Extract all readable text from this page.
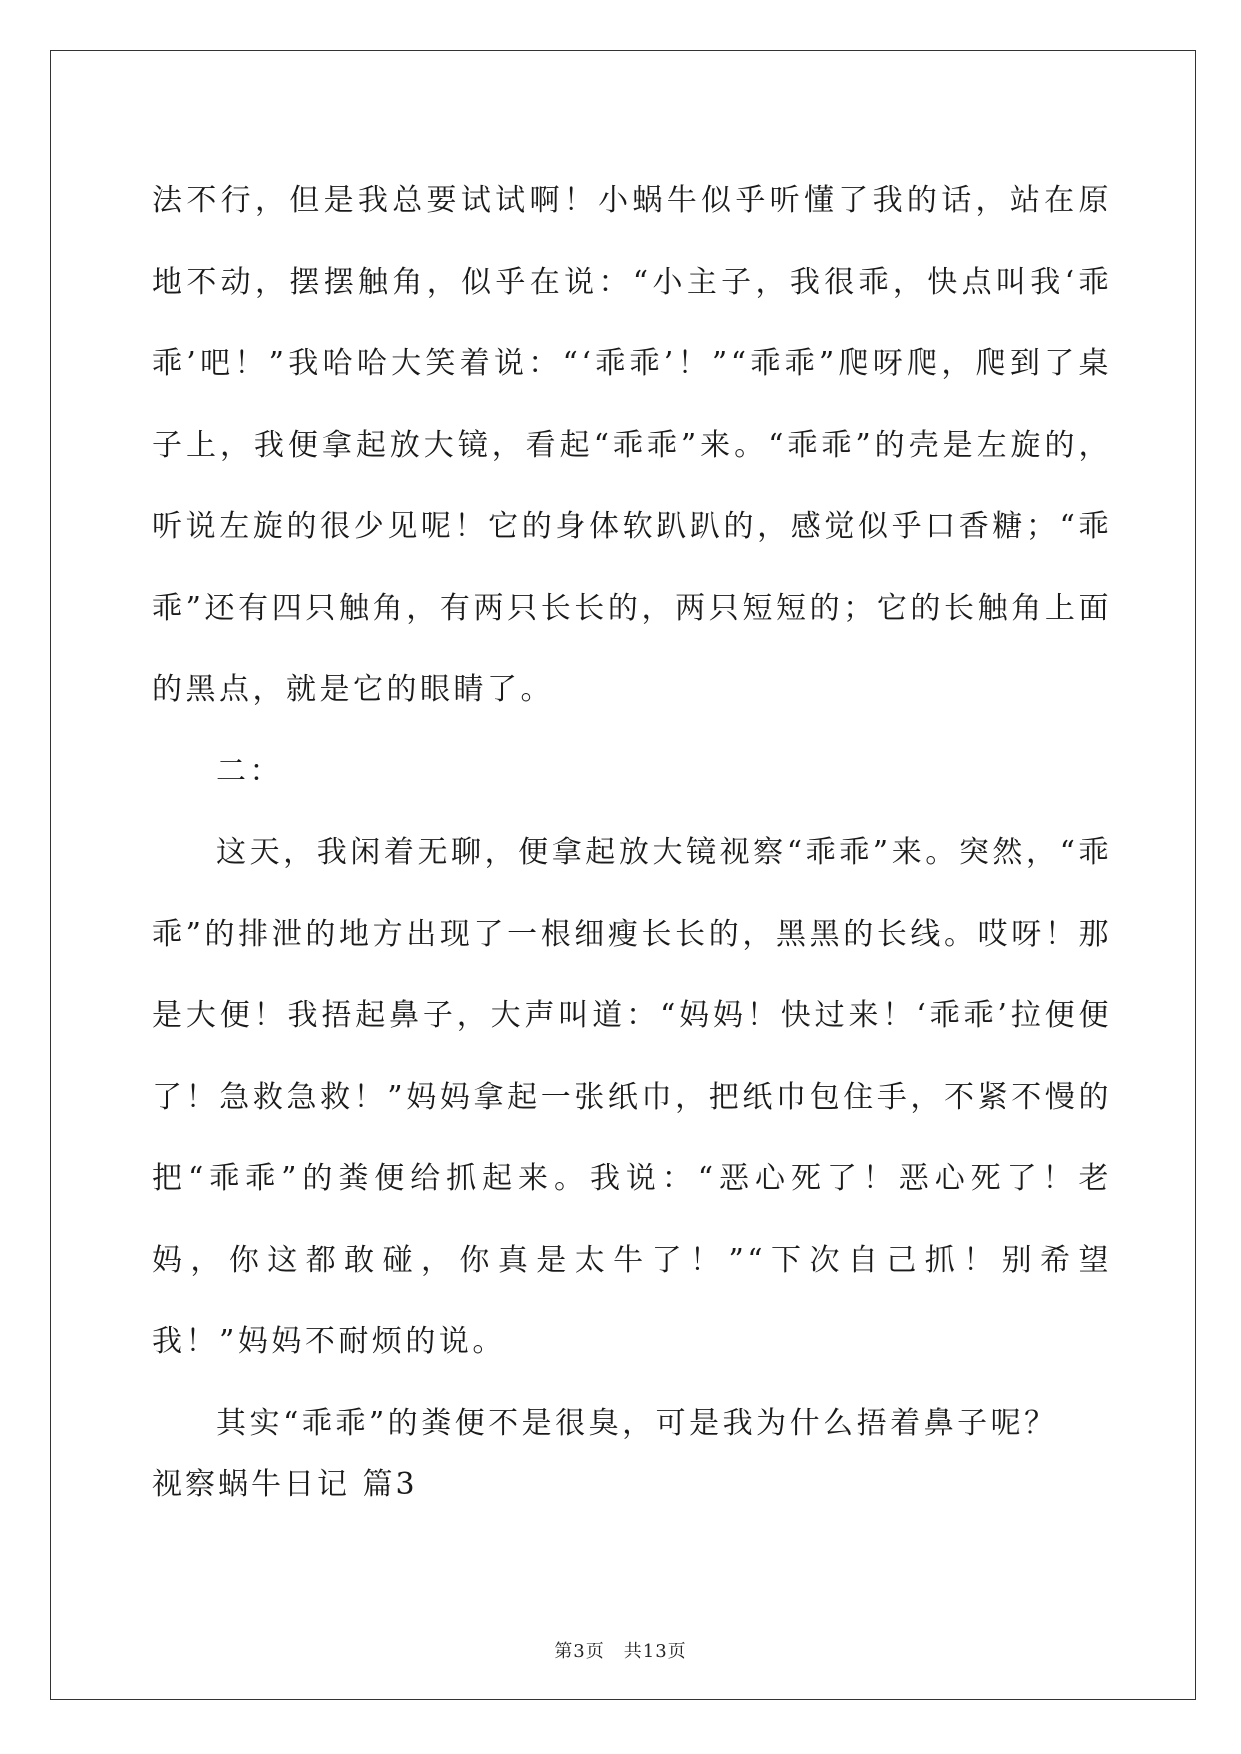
法不行，但是我总要试试啊！小蜗牛似乎听懂了我的话，站在原地不动，摆摆触角，似乎在说：“小主子，我很乖，快点叫我‘乖乖’吧！”我哈哈大笑着说：“‘乖乖’！”“乖乖”爬呀爬，爬到了桌子上，我便拿起放大镜，看起“乖乖”来。“乖乖”的壳是左旋的，听说左旋的很少见呢！它的身体软趴趴的，感觉似乎口香糖；“乖乖”还有四只触角，有两只长长的，两只短短的；它的长触角上面的黑点，就是它的眼睛了。

二：

这天，我闲着无聊，便拿起放大镜视察“乖乖”来。突然，“乖乖”的排泄的地方出现了一根细瘦长长的，黑黑的长线。哎呀！那是大便！我捂起鼻子，大声叫道：“妈妈！快过来！‘乖乖’拉便便了！急救急救！”妈妈拿起一张纸巾，把纸巾包住手，不紧不慢的把“乖乖”的粪便给抓起来。我说：“恶心死了！恶心死了！老妈，你这都敢碰，你真是太牛了！”“下次自己抓！别希望我！”妈妈不耐烦的说。

其实“乖乖”的粪便不是很臭，可是我为什么捂着鼻子呢？

视察蜗牛日记 篇3
第3页　共13页
